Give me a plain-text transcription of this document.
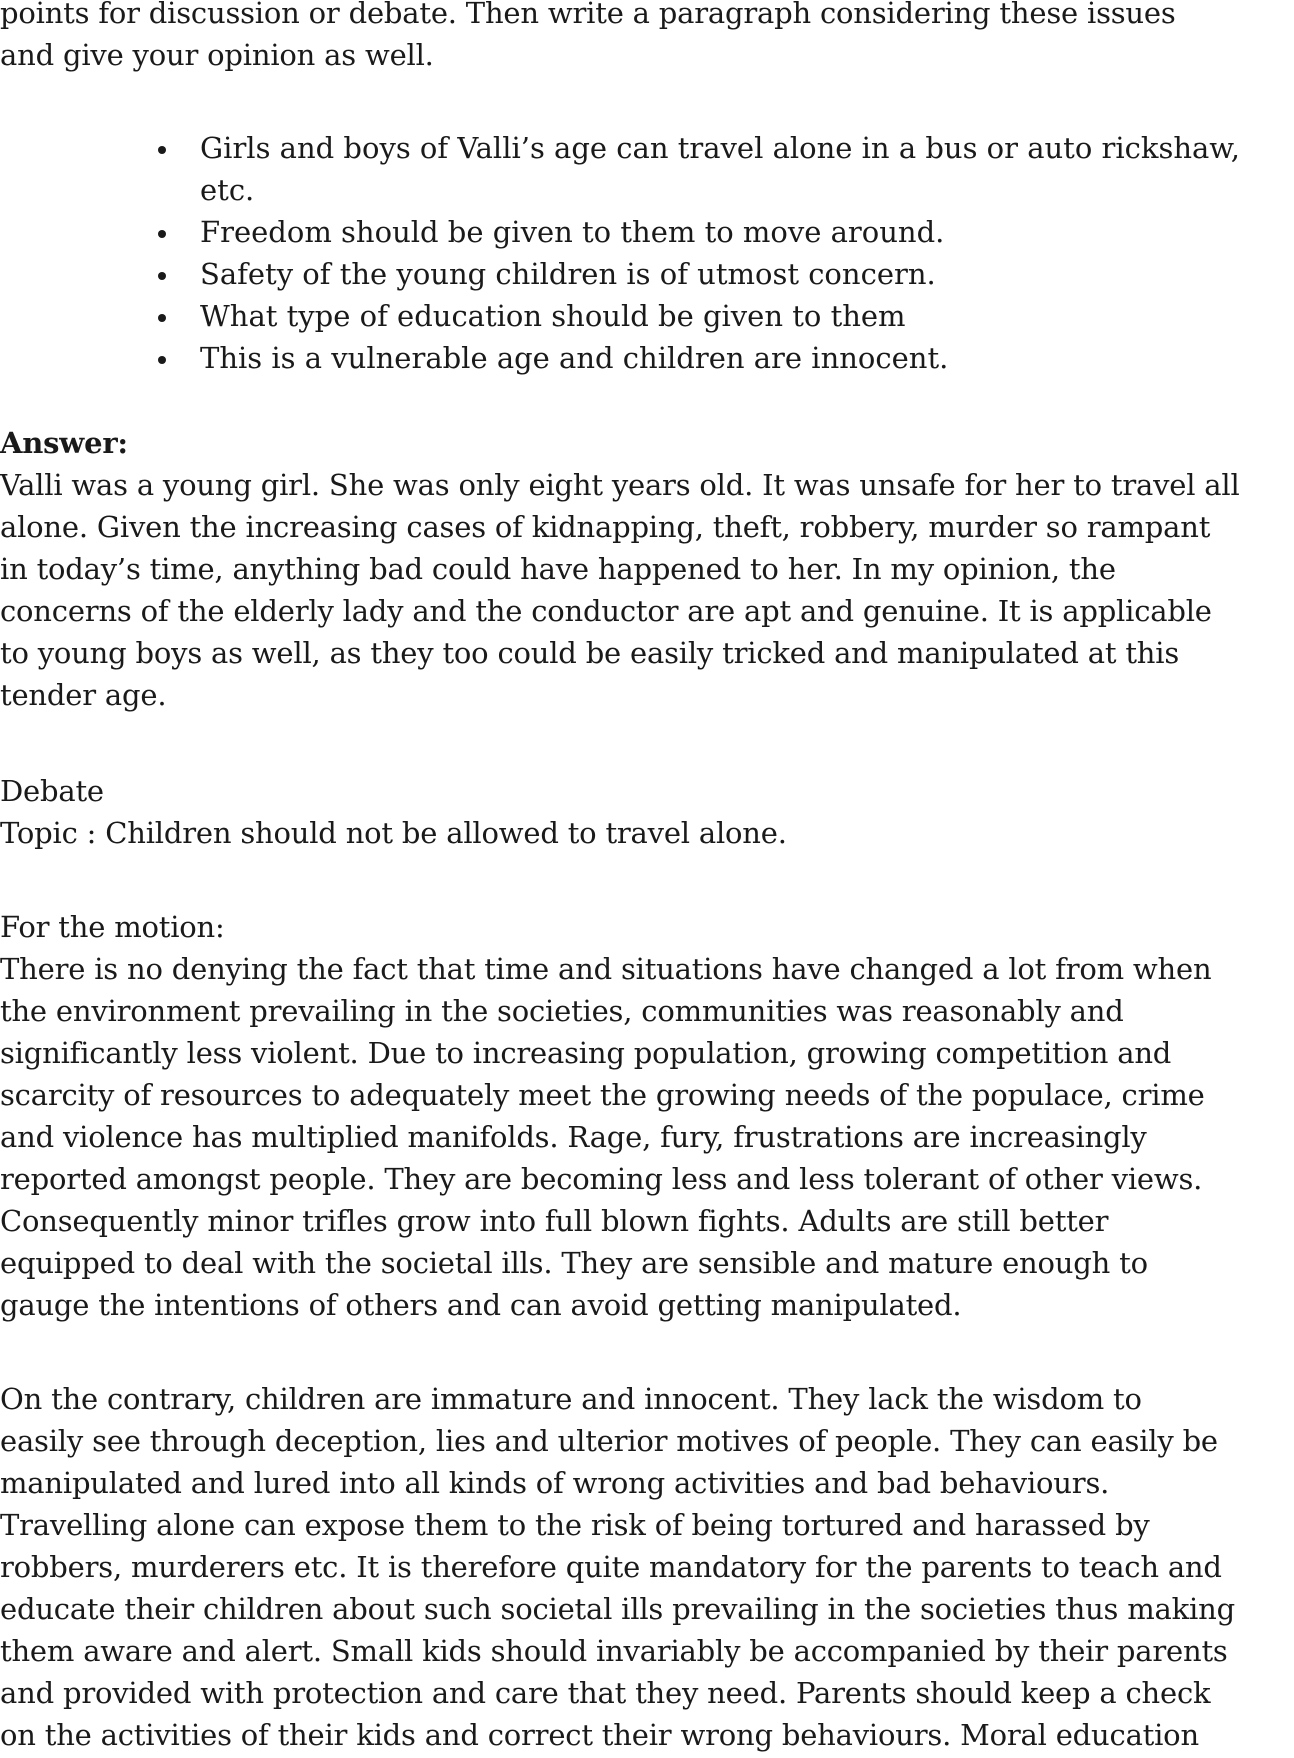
points for discussion or debate. Then write a paragraph considering these issues
and give your opinion as well.
Girls and boys of Valli’s age can travel alone in a bus or auto rickshaw,
etc.
Freedom should be given to them to move around.
Safety of the young children is of utmost concern.
What type of education should be given to them
This is a vulnerable age and children are innocent.
Answer:
Valli was a young girl. She was only eight years old. It was unsafe for her to travel all
alone. Given the increasing cases of kidnapping, theft, robbery, murder so rampant
in today’s time, anything bad could have happened to her. In my opinion, the
concerns of the elderly lady and the conductor are apt and genuine. It is applicable
to young boys as well, as they too could be easily tricked and manipulated at this
tender age.
Debate
Topic : Children should not be allowed to travel alone.
For the motion:
There is no denying the fact that time and situations have changed a lot from when
the environment prevailing in the societies, communities was reasonably and
significantly less violent. Due to increasing population, growing competition and
scarcity of resources to adequately meet the growing needs of the populace, crime
and violence has multiplied manifolds. Rage, fury, frustrations are increasingly
reported amongst people. They are becoming less and less tolerant of other views.
Consequently minor trifles grow into full blown fights. Adults are still better
equipped to deal with the societal ills. They are sensible and mature enough to
gauge the intentions of others and can avoid getting manipulated.
On the contrary, children are immature and innocent. They lack the wisdom to
easily see through deception, lies and ulterior motives of people. They can easily be
manipulated and lured into all kinds of wrong activities and bad behaviours.
Travelling alone can expose them to the risk of being tortured and harassed by
robbers, murderers etc. It is therefore quite mandatory for the parents to teach and
educate their children about such societal ills prevailing in the societies thus making
them aware and alert. Small kids should invariably be accompanied by their parents
and provided with protection and care that they need. Parents should keep a check
on the activities of their kids and correct their wrong behaviours. Moral education
